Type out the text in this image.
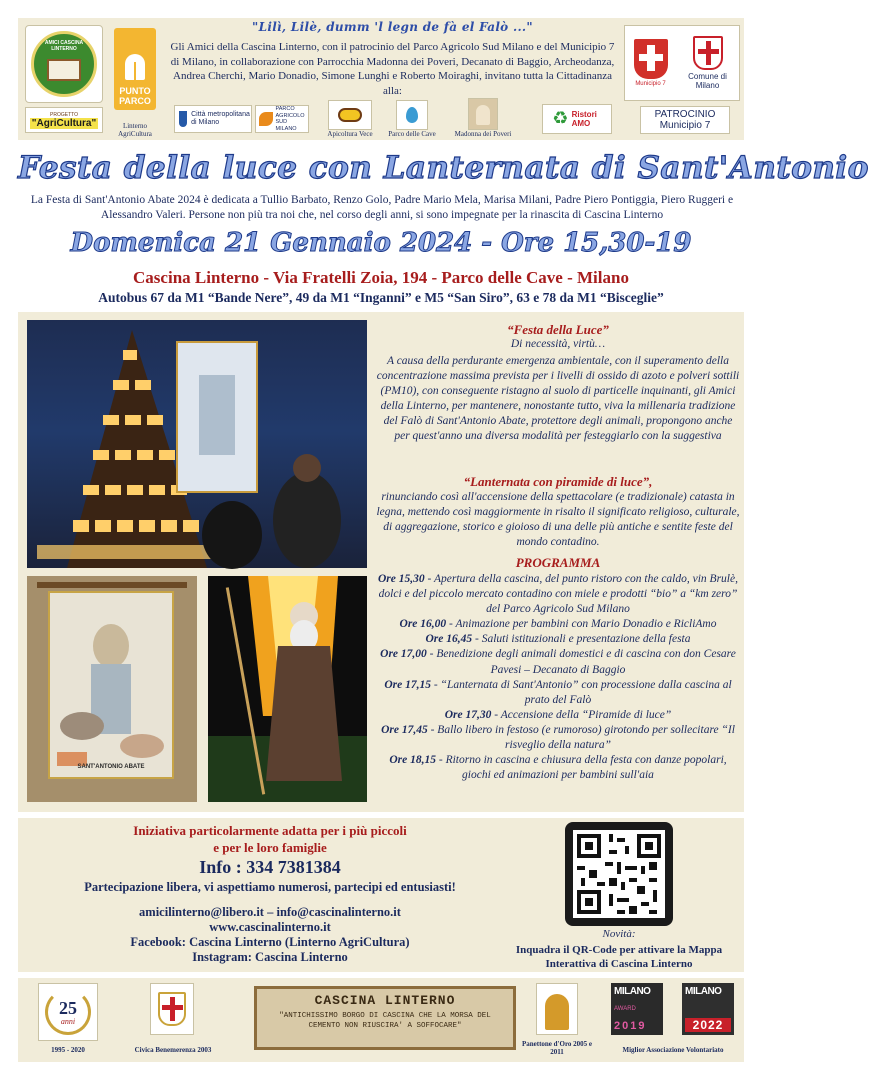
AMICI CASCINA LINTERNO
PROGETTO
"AgriCultura"
PUNTO PARCO
Linterno AgriCultura
"Lilì, Lilè, dumm 'l legn de fà el Falò ..."
Gli Amici della Cascina Linterno, con il patrocinio del Parco Agricolo Sud Milano e del Municipio 7 di Milano, in collaborazione con Parrocchia Madonna dei Poveri, Decanato di Baggio, Archeodanza, Andrea Cherchi, Mario Donadio, Simone Lunghi e Roberto Moiraghi, invitano tutta la Cittadinanza alla:
Città metropolitana di Milano
PARCO AGRICOLO SUD MILANO
Apicoltura Vece	Parco delle Cave	Madonna dei Poveri
♻ Ristori AMO
Municipio 7
Comune di Milano
PATROCINIO
Municipio 7
Festa della luce con Lanternata di Sant'Antonio
La Festa di Sant'Antonio Abate 2024 è dedicata a Tullio Barbato, Renzo Golo, Padre Mario Mela, Marisa Milani, Padre Piero Pontiggia, Piero Ruggeri e Alessandro Valeri. Persone non più tra noi che, nel corso degli anni, si sono impegnate per la rinascita di Cascina Linterno
Domenica 21 Gennaio 2024 - Ore 15,30-19
Cascina Linterno - Via Fratelli Zoia, 194 - Parco delle Cave - Milano
Autobus 67 da M1 “Bande Nere”, 49 da M1 “Inganni” e M5 “San Siro”, 63 e 78 da M1 “Bisceglie”
SANT'ANTONIO ABATE
“Festa della Luce”
Di necessità, virtù…
A causa della perdurante emergenza ambientale, con il superamento della concentrazione massima prevista per i livelli di ossido di azoto e polveri sottili (PM10), con conseguente ristagno al suolo di particelle inquinanti, gli Amici della Linterno, per mantenere, nonostante tutto, viva la millenaria tradizione del Falò di Sant'Antonio Abate, protettore degli animali, propongono anche per quest'anno una diversa modalità per festeggiarlo con la suggestiva
“Lanternata con piramide di luce”,
rinunciando così all'accensione della spettacolare (e tradizionale) catasta in legna, mettendo così maggiormente in risalto il significato religioso, culturale, di aggregazione, storico e gioioso di una delle più antiche e sentite feste del mondo contadino.
PROGRAMMA
Ore 15,30 - Apertura della cascina, del punto ristoro con the caldo, vin Brulè, dolci e del piccolo mercato contadino con miele e prodotti “bio” a “km zero” del Parco Agricolo Sud Milano
Ore 16,00 - Animazione per bambini con Mario Donadio e RicliAmo
Ore 16,45 - Saluti istituzionali e presentazione della festa
Ore 17,00 - Benedizione degli animali domestici e di cascina con don Cesare Pavesi – Decanato di Baggio
Ore 17,15 - “Lanternata di Sant'Antonio” con processione dalla cascina al prato del Falò
Ore 17,30 - Accensione della “Piramide di luce”
Ore 17,45 - Ballo libero in festoso (e rumoroso) girotondo per sollecitare “Il risveglio della natura”
Ore 18,15 - Ritorno in cascina e chiusura della festa con danze popolari, giochi ed animazioni per bambini sull'aia
Iniziativa particolarmente adatta per i più piccoli
e per le loro famiglie
Info : 334 7381384
Partecipazione libera, vi aspettiamo numerosi, partecipi ed entusiasti!
amicilinterno@libero.it – info@cascinalinterno.it
www.cascinalinterno.it
Facebook: Cascina Linterno (Linterno AgriCultura)
Instagram: Cascina Linterno
Novità:
Inquadra il QR-Code per attivare la Mappa Interattiva di Cascina Linterno
25
anni
1995 - 2020	Civica Benemerenza 2003
CASCINA LINTERNO
"ANTICHISSIMO BORGO DI CASCINA CHE LA MORSA DEL CEMENTO NON RIUSCIRA' A SOFFOCARE"
Panettone d'Oro 2005 e 2011
MILANO
AWARD
2019
MILANO
2022
Miglior Associazione Volontariato
